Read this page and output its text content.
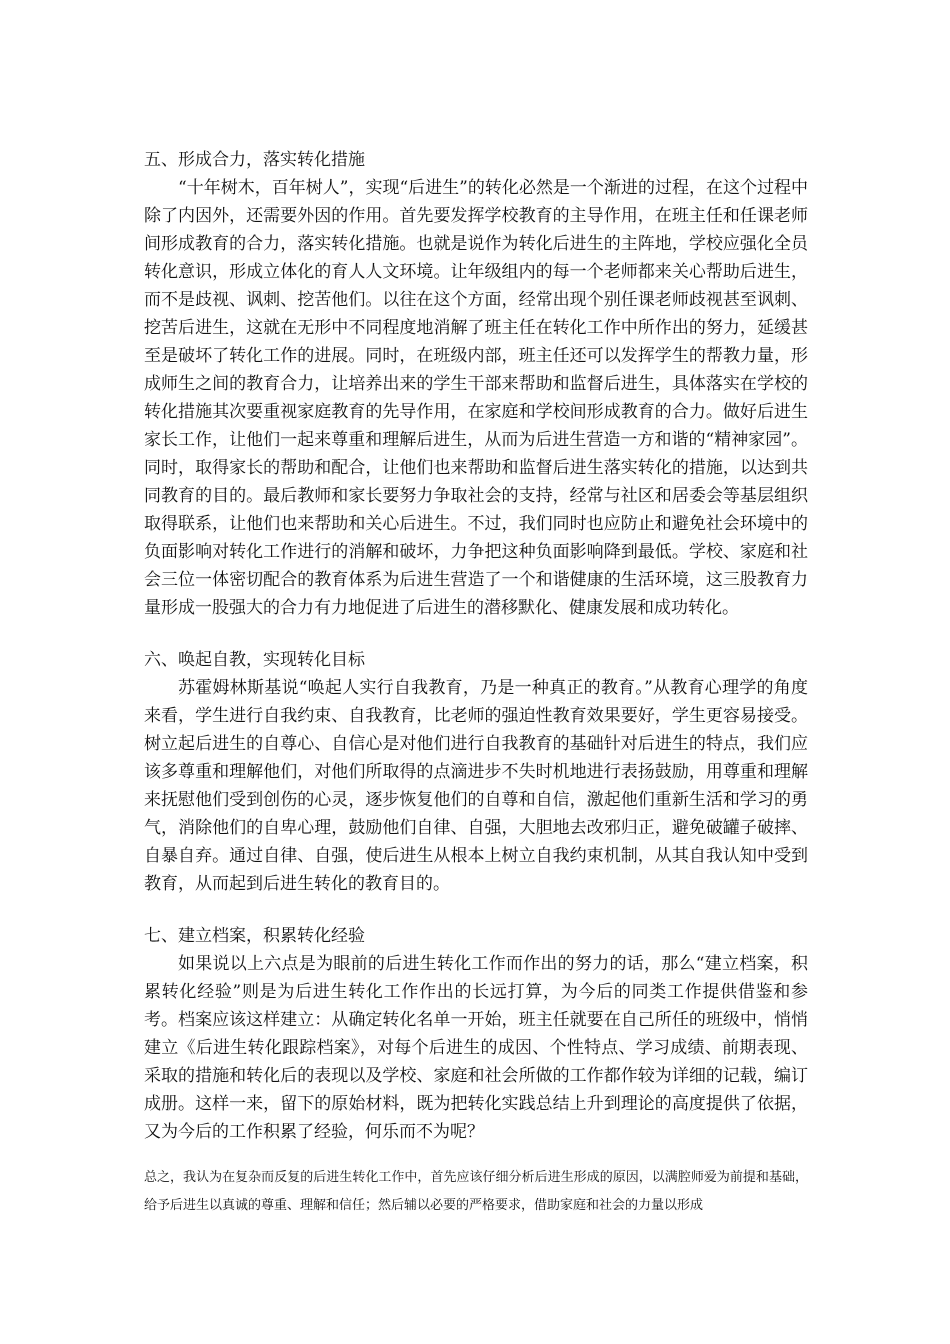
五、形成合力，落实转化措施

“十年树木，百年树人”，实现“后进生”的转化必然是一个渐进的过程，在这个过程中除了内因外，还需要外因的作用。首先要发挥学校教育的主导作用，在班主任和任课老师间形成教育的合力，落实转化措施。也就是说作为转化后进生的主阵地，学校应强化全员转化意识，形成立体化的育人人文环境。让年级组内的每一个老师都来关心帮助后进生，而不是歧视、讽刺、挖苦他们。以往在这个方面，经常出现个别任课老师歧视甚至讽刺、挖苦后进生，这就在无形中不同程度地消解了班主任在转化工作中所作出的努力，延缓甚至是破坏了转化工作的进展。同时，在班级内部，班主任还可以发挥学生的帮教力量，形成师生之间的教育合力，让培养出来的学生干部来帮助和监督后进生，具体落实在学校的转化措施其次要重视家庭教育的先导作用，在家庭和学校间形成教育的合力。做好后进生家长工作，让他们一起来尊重和理解后进生，从而为后进生营造一方和谐的“精神家园”。同时，取得家长的帮助和配合，让他们也来帮助和监督后进生落实转化的措施，以达到共同教育的目的。最后教师和家长要努力争取社会的支持，经常与社区和居委会等基层组织取得联系，让他们也来帮助和关心后进生。不过，我们同时也应防止和避免社会环境中的负面影响对转化工作进行的消解和破坏，力争把这种负面影响降到最低。学校、家庭和社会三位一体密切配合的教育体系为后进生营造了一个和谐健康的生活环境，这三股教育力量形成一股强大的合力有力地促进了后进生的潜移默化、健康发展和成功转化。

六、唤起自教，实现转化目标

苏霍姆林斯基说“唤起人实行自我教育，乃是一种真正的教育。”从教育心理学的角度来看，学生进行自我约束、自我教育，比老师的强迫性教育效果要好，学生更容易接受。树立起后进生的自尊心、自信心是对他们进行自我教育的基础针对后进生的特点，我们应该多尊重和理解他们，对他们所取得的点滴进步不失时机地进行表扬鼓励，用尊重和理解来抚慰他们受到创伤的心灵，逐步恢复他们的自尊和自信，激起他们重新生活和学习的勇气，消除他们的自卑心理，鼓励他们自律、自强，大胆地去改邪归正，避免破罐子破摔、自暴自弃。通过自律、自强，使后进生从根本上树立自我约束机制，从其自我认知中受到教育，从而起到后进生转化的教育目的。

七、建立档案，积累转化经验

如果说以上六点是为眼前的后进生转化工作而作出的努力的话，那么“建立档案，积累转化经验”则是为后进生转化工作作出的长远打算，为今后的同类工作提供借鉴和参考。档案应该这样建立：从确定转化名单一开始，班主任就要在自己所任的班级中，悄悄建立《后进生转化跟踪档案》，对每个后进生的成因、个性特点、学习成绩、前期表现、采取的措施和转化后的表现以及学校、家庭和社会所做的工作都作较为详细的记载，编订成册。这样一来，留下的原始材料，既为把转化实践总结上升到理论的高度提供了依据，又为今后的工作积累了经验，何乐而不为呢？

总之，我认为在复杂而反复的后进生转化工作中，首先应该仔细分析后进生形成的原因，以满腔师爱为前提和基础，给予后进生以真诚的尊重、理解和信任；然后辅以必要的严格要求，借助家庭和社会的力量以形成
